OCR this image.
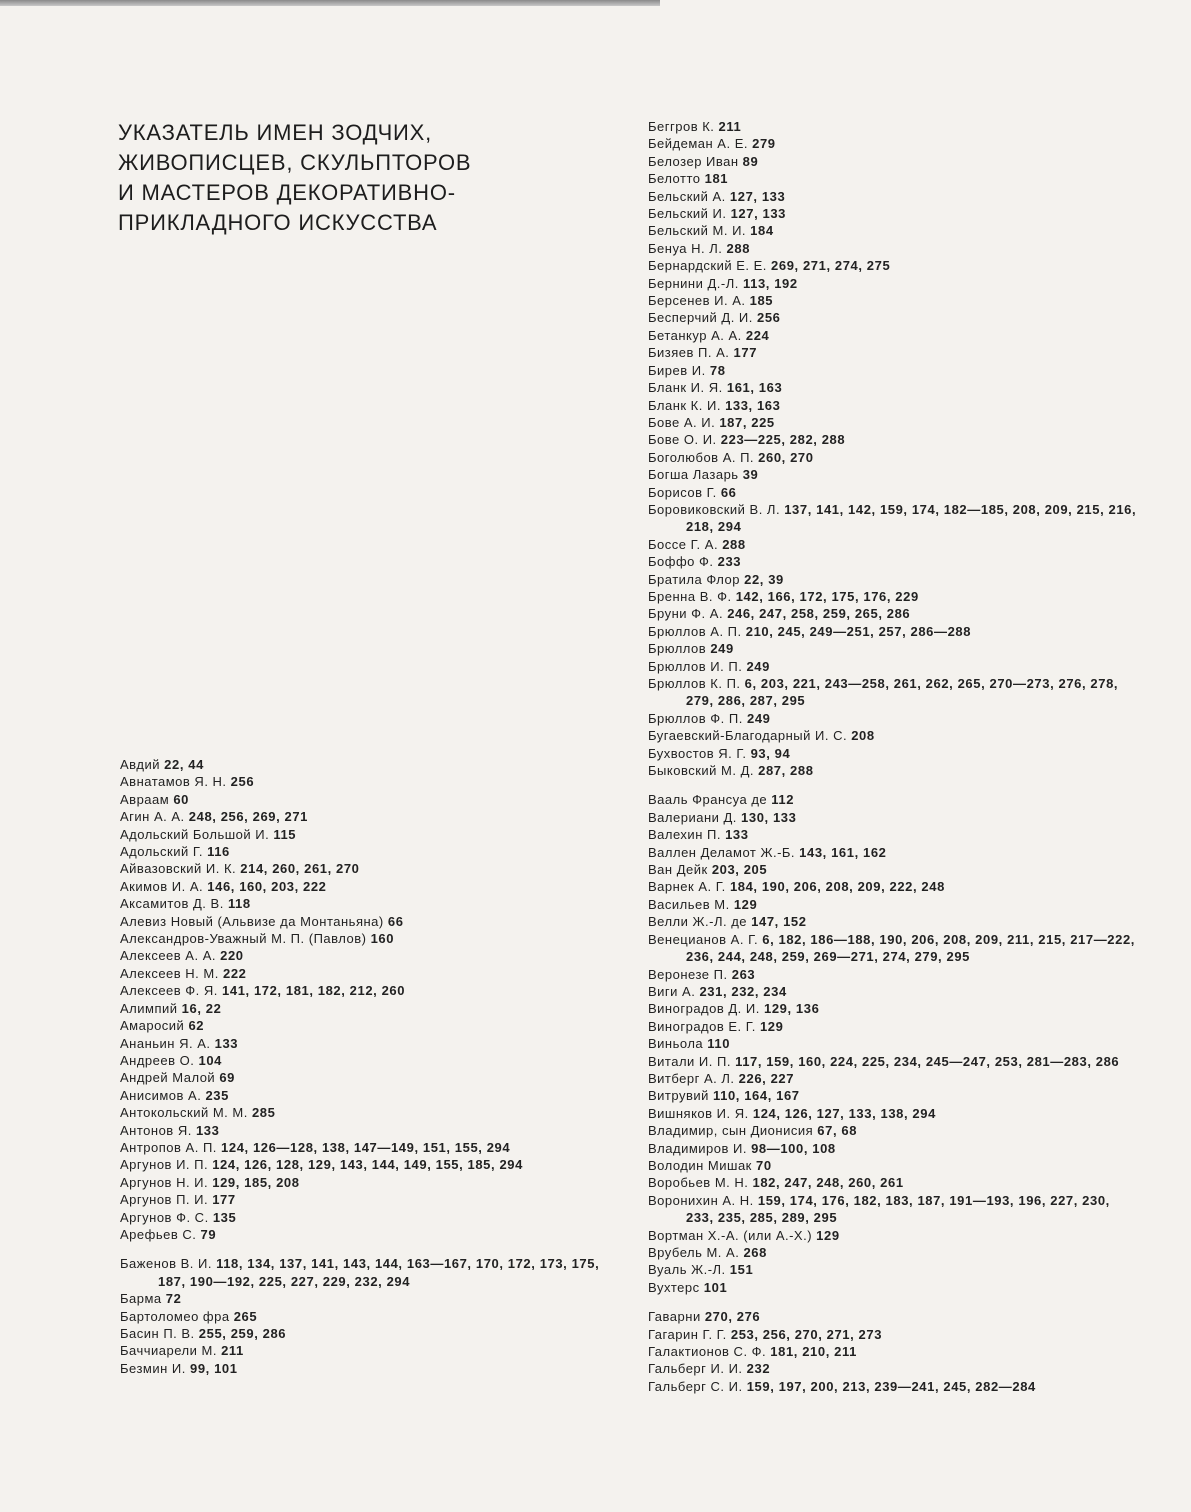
УКАЗАТЕЛЬ ИМЕН ЗОДЧИХ,
ЖИВОПИСЦЕВ, СКУЛЬПТОРОВ
И МАСТЕРОВ ДЕКОРАТИВНО-
ПРИКЛАДНОГО ИСКУССТВА
Авдий 22, 44
Авнатамов Я. Н. 256
Авраам 60
Агин А. А. 248, 256, 269, 271
Адольский Большой И. 115
Адольский Г. 116
Айвазовский И. К. 214, 260, 261, 270
Акимов И. А. 146, 160, 203, 222
Аксамитов Д. В. 118
Алевиз Новый (Альвизе да Монтаньяна) 66
Александров-Уважный М. П. (Павлов) 160
Алексеев А. А. 220
Алексеев Н. М. 222
Алексеев Ф. Я. 141, 172, 181, 182, 212, 260
Алимпий 16, 22
Амаросий 62
Ананьин Я. А. 133
Андреев О. 104
Андрей Малой 69
Анисимов А. 235
Антокольский М. М. 285
Антонов Я. 133
Антропов А. П. 124, 126—128, 138, 147—149, 151, 155, 294
Аргунов И. П. 124, 126, 128, 129, 143, 144, 149, 155, 185, 294
Аргунов Н. И. 129, 185, 208
Аргунов П. И. 177
Аргунов Ф. С. 135
Арефьев С. 79
Баженов В. И. 118, 134, 137, 141, 143, 144, 163—167, 170, 172, 173, 175, 187, 190—192, 225, 227, 229, 232, 294
Барма 72
Бартоломео фра 265
Басин П. В. 255, 259, 286
Баччиарели М. 211
Безмин И. 99, 101
Беггров К. 211
Бейдеман А. Е. 279
Белозер Иван 89
Белотто 181
Бельский А. 127, 133
Бельский И. 127, 133
Бельский М. И. 184
Бенуа Н. Л. 288
Бернардский Е. Е. 269, 271, 274, 275
Бернини Д.-Л. 113, 192
Берсенев И. А. 185
Бесперчий Д. И. 256
Бетанкур А. А. 224
Бизяев П. А. 177
Бирев И. 78
Бланк И. Я. 161, 163
Бланк К. И. 133, 163
Бове А. И. 187, 225
Бове О. И. 223—225, 282, 288
Боголюбов А. П. 260, 270
Богша Лазарь 39
Борисов Г. 66
Боровиковский В. Л. 137, 141, 142, 159, 174, 182—185, 208, 209, 215, 216, 218, 294
Боссе Г. А. 288
Боффо Ф. 233
Братила Флор 22, 39
Бренна В. Ф. 142, 166, 172, 175, 176, 229
Бруни Ф. А. 246, 247, 258, 259, 265, 286
Брюллов А. П. 210, 245, 249—251, 257, 286—288
Брюллов 249
Брюллов И. П. 249
Брюллов К. П. 6, 203, 221, 243—258, 261, 262, 265, 270—273, 276, 278, 279, 286, 287, 295
Брюллов Ф. П. 249
Бугаевский-Благодарный И. С. 208
Бухвостов Я. Г. 93, 94
Быковский М. Д. 287, 288
Вааль Франсуа де 112
Валериани Д. 130, 133
Валехин П. 133
Валлен Деламот Ж.-Б. 143, 161, 162
Ван Дейк 203, 205
Варнек А. Г. 184, 190, 206, 208, 209, 222, 248
Васильев М. 129
Велли Ж.-Л. де 147, 152
Венецианов А. Г. 6, 182, 186—188, 190, 206, 208, 209, 211, 215, 217—222, 236, 244, 248, 259, 269—271, 274, 279, 295
Веронезе П. 263
Виги А. 231, 232, 234
Виноградов Д. И. 129, 136
Виноградов Е. Г. 129
Виньола 110
Витали И. П. 117, 159, 160, 224, 225, 234, 245—247, 253, 281—283, 286
Витберг А. Л. 226, 227
Витрувий 110, 164, 167
Вишняков И. Я. 124, 126, 127, 133, 138, 294
Владимир, сын Дионисия 67, 68
Владимиров И. 98—100, 108
Володин Мишак 70
Воробьев М. Н. 182, 247, 248, 260, 261
Воронихин А. Н. 159, 174, 176, 182, 183, 187, 191—193, 196, 227, 230, 233, 235, 285, 289, 295
Вортман Х.-А. (или А.-Х.) 129
Врубель М. А. 268
Вуаль Ж.-Л. 151
Вухтерс 101
Гаварни 270, 276
Гагарин Г. Г. 253, 256, 270, 271, 273
Галактионов С. Ф. 181, 210, 211
Гальберг И. И. 232
Гальберг С. И. 159, 197, 200, 213, 239—241, 245, 282—284
